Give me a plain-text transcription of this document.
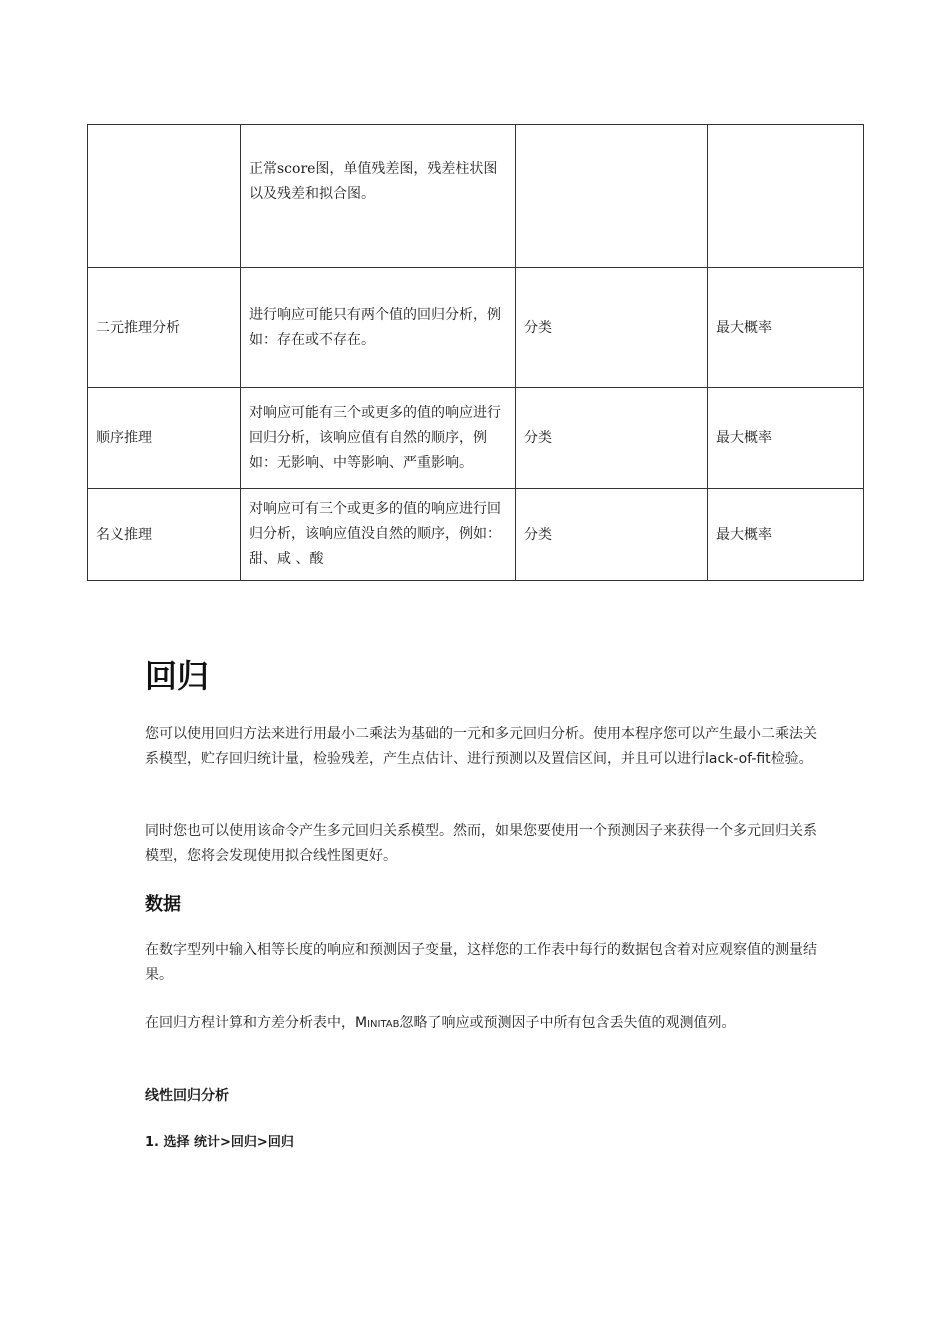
	正常score图，单值残差图，残差柱状图以及残差和拟合图。		
二元推理分析	进行响应可能只有两个值的回归分析，例如：存在或不存在。	分类	最大概率
顺序推理	对响应可能有三个或更多的值的响应进行回归分析，该响应值有自然的顺序，例如：无影响、中等影响、严重影响。	分类	最大概率
名义推理	对响应可有三个或更多的值的响应进行回归分析，该响应值没自然的顺序，例如：甜、咸 、酸	分类	最大概率
回归

您可以使用回归方法来进行用最小二乘法为基础的一元和多元回归分析。使用本程序您可以产生最小二乘法关系模型，贮存回归统计量，检验残差，产生点估计、进行预测以及置信区间，并且可以进行lack-of-fit检验。

同时您也可以使用该命令产生多元回归关系模型。然而，如果您要使用一个预测因子来获得一个多元回归关系模型，您将会发现使用拟合线性图更好。

数据

在数字型列中输入相等长度的响应和预测因子变量，这样您的工作表中每行的数据包含着对应观察值的测量结果。

在回归方程计算和方差分析表中，Minitab忽略了响应或预测因子中所有包含丢失值的观测值列。

线性回归分析

1. 选择 统计>回归>回归
